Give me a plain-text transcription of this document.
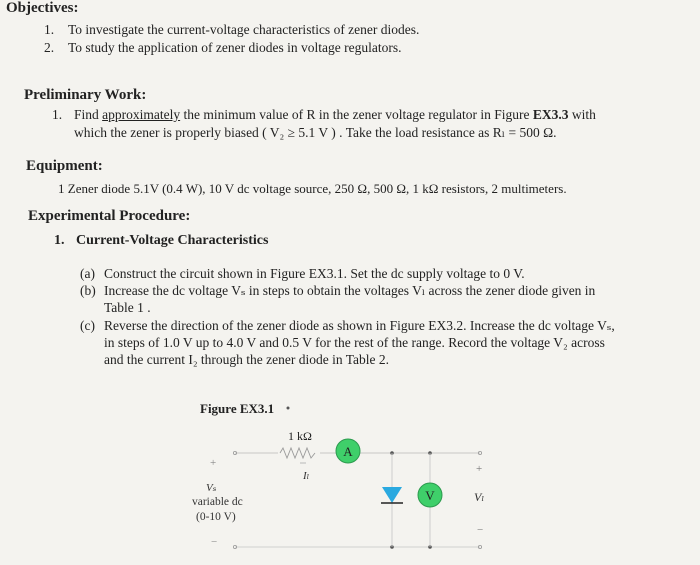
Objectives:
1. To investigate the current-voltage characteristics of zener diodes.
2. To study the application of zener diodes in voltage regulators.
Preliminary Work:
1. Find approximately the minimum value of R in the zener voltage regulator in Figure EX3.3 with
which the zener is properly biased ( V₂ ≥ 5.1 V ) . Take the load resistance as Rₗ = 500 Ω.
Equipment:
1 Zener diode 5.1V (0.4 W), 10 V dc voltage source, 250 Ω, 500 Ω, 1 kΩ resistors, 2 multimeters.
Experimental Procedure:
1. Current-Voltage Characteristics
(a) Construct the circuit shown in Figure EX3.1. Set the dc supply voltage to 0 V.
(b) Increase the dc voltage Vₛ in steps to obtain the voltages Vₗ across the zener diode given in
Table 1 .
(c) Reverse the direction of the zener diode as shown in Figure EX3.2. Increase the dc voltage Vₛ,
in steps of 1.0 V up to 4.0 V and 0.5 V for the rest of the range. Record the voltage V₂ across
and the current I₂ through the zener diode in Table 2.
Figure EX3.1
1 kΩ
Iₗ
A
V
+
Vₗ
−
+
Vₛ
variable dc
(0-10 V)
−
